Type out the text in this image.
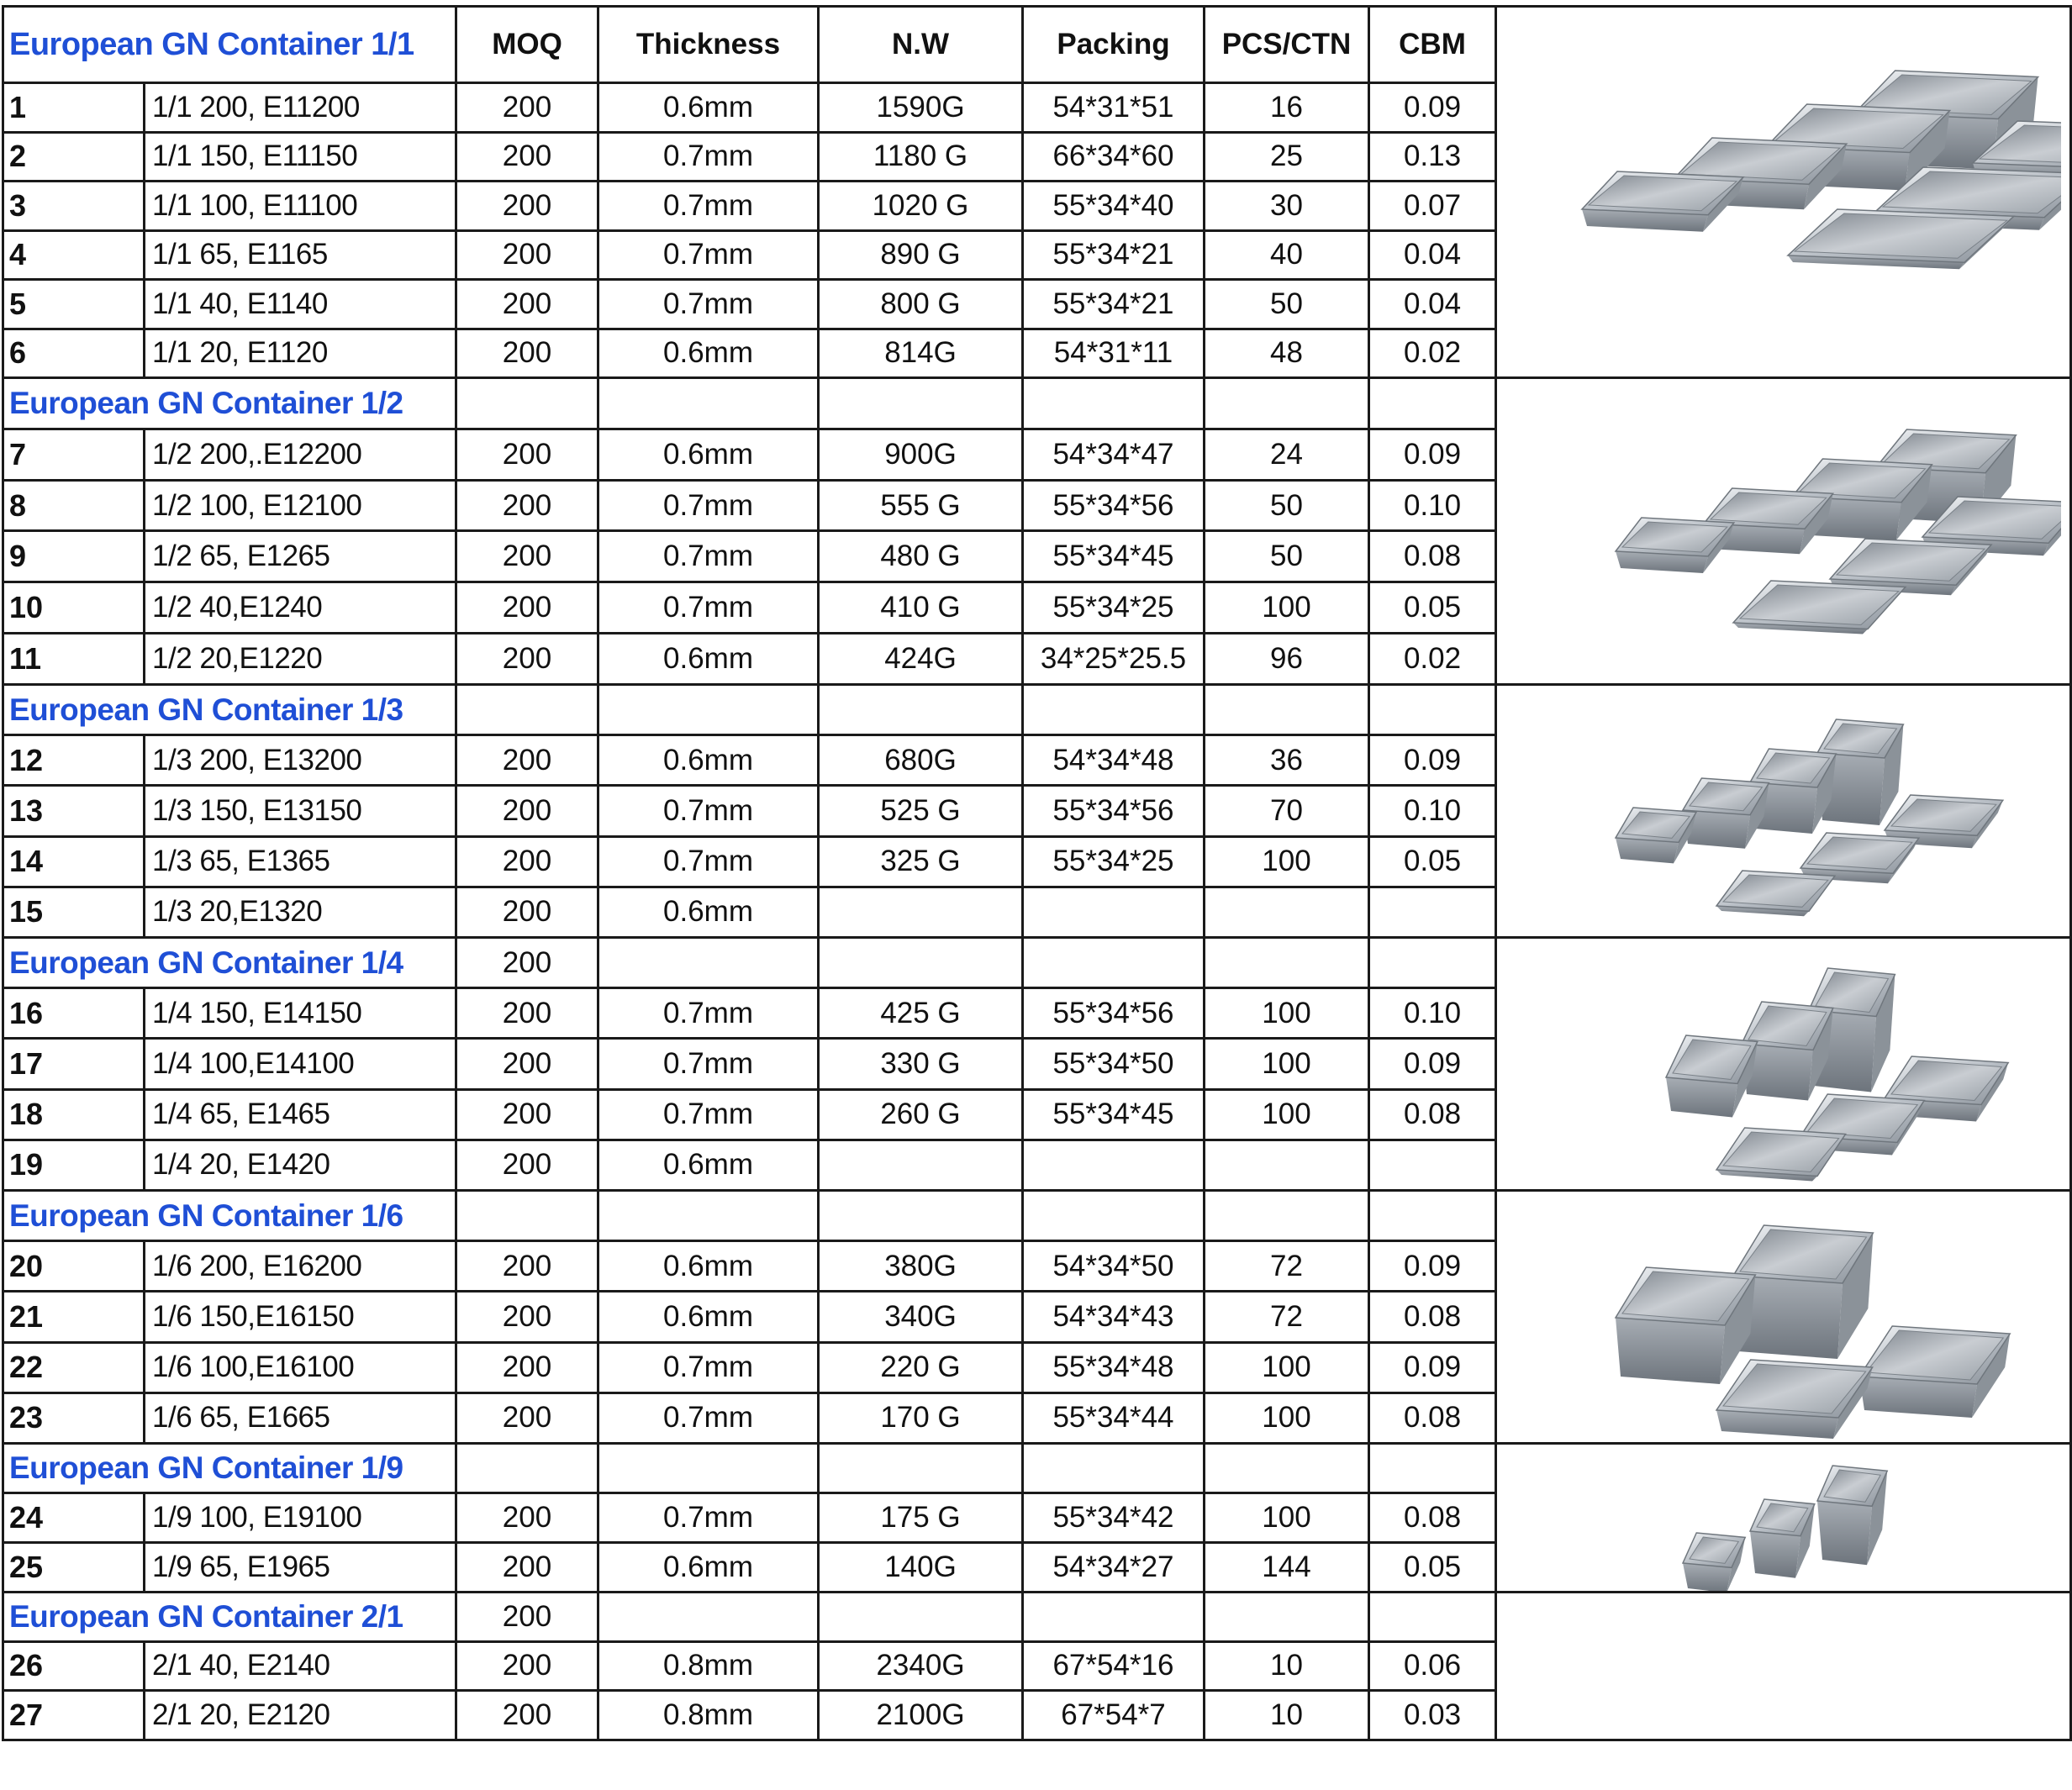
European GN Container 1/1		MOQ	Thickness	N.W	Packing	PCS/CTN	CBM	

1	1/1 200, E11200	200	0.6mm	1590G	54*31*51	16	0.09	
2	1/1 150, E11150	200	0.7mm	1180 G	66*34*60	25	0.13	
3	1/1 100, E11100	200	0.7mm	1020 G	55*34*40	30	0.07	
4	1/1 65, E1165	200	0.7mm	890 G	55*34*21	40	0.04	
5	1/1 40, E1140	200	0.7mm	800 G	55*34*21	50	0.04	
6	1/1 20, E1120	200	0.6mm	814G	54*31*11	48	0.02	
European GN Container 1/2							

7	1/2 200,.E12200	200	0.6mm	900G	54*34*47	24	0.09	
8	1/2 100, E12100	200	0.7mm	555 G	55*34*56	50	0.10	
9	1/2 65, E1265	200	0.7mm	480 G	55*34*45	50	0.08	
10	1/2 40,E1240	200	0.7mm	410 G	55*34*25	100	0.05	
11	1/2 20,E1220	200	0.6mm	424G	34*25*25.5	96	0.02	
European GN Container 1/3							

12	1/3 200, E13200	200	0.6mm	680G	54*34*48	36	0.09	
13	1/3 150, E13150	200	0.7mm	525 G	55*34*56	70	0.10	
14	1/3 65, E1365	200	0.7mm	325 G	55*34*25	100	0.05	
15	1/3 20,E1320	200	0.6mm					
European GN Container 1/4		200						

16	1/4 150, E14150	200	0.7mm	425 G	55*34*56	100	0.10	
17	1/4 100,E14100	200	0.7mm	330 G	55*34*50	100	0.09	
18	1/4 65, E1465	200	0.7mm	260 G	55*34*45	100	0.08	
19	1/4 20, E1420	200	0.6mm					
European GN Container 1/6							

20	1/6 200, E16200	200	0.6mm	380G	54*34*50	72	0.09	
21	1/6 150,E16150	200	0.6mm	340G	54*34*43	72	0.08	
22	1/6 100,E16100	200	0.7mm	220 G	55*34*48	100	0.09	
23	1/6 65, E1665	200	0.7mm	170 G	55*34*44	100	0.08	
European GN Container 1/9							

24	1/9 100, E19100	200	0.7mm	175 G	55*34*42	100	0.08	
25	1/9 65, E1965	200	0.6mm	140G	54*34*27	144	0.05	
European GN Container 2/1		200						

26	2/1 40, E2140	200	0.8mm	2340G	67*54*16	10	0.06	
27	2/1 20, E2120	200	0.8mm	2100G	67*54*7	10	0.03	
